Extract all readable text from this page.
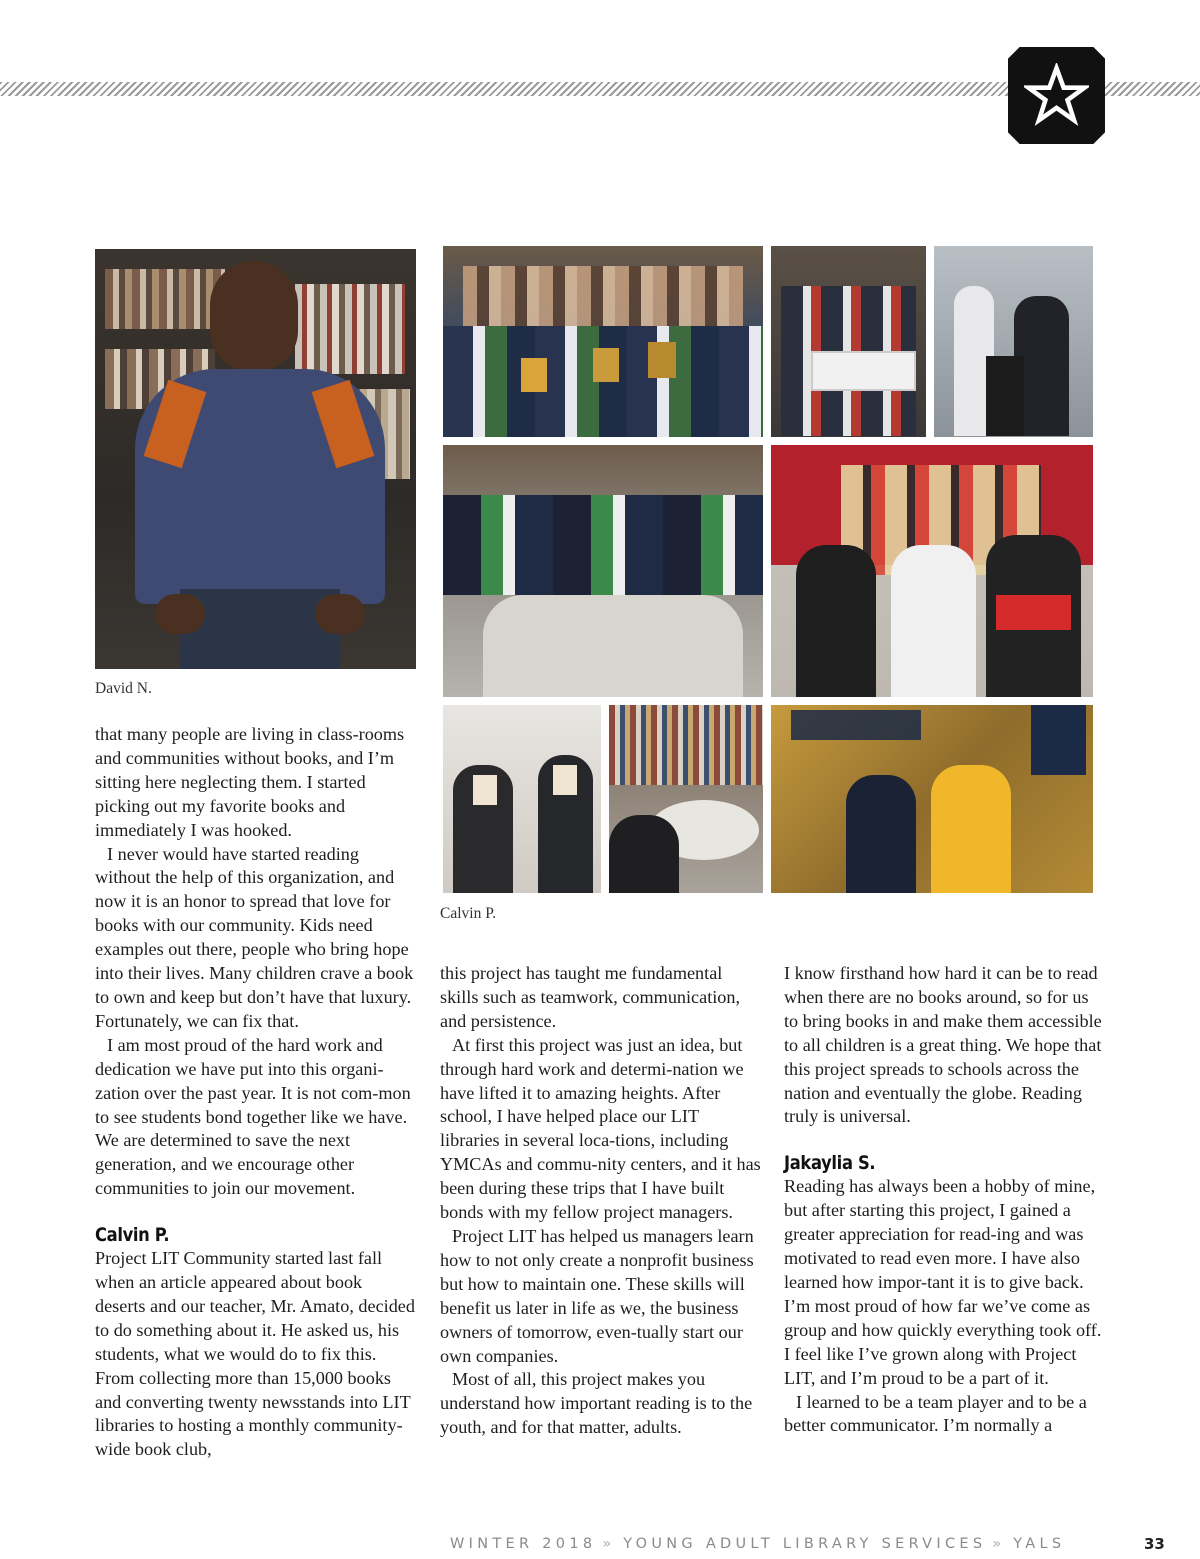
David N.
Calvin P.

that many people are living in class-rooms and communities without books, and I’m sitting here neglecting them. I started picking out my favorite books and immediately I was hooked.

I never would have started reading without the help of this organization, and now it is an honor to spread that love for books with our community. Kids need examples out there, people who bring hope into their lives. Many children crave a book to own and keep but don’t have that luxury. Fortunately, we can fix that.

I am most proud of the hard work and dedication we have put into this organi-zation over the past year. It is not com-mon to see students bond together like we have. We are determined to save the next generation, and we encourage other communities to join our movement.

Calvin P.

Project LIT Community started last fall when an article appeared about book deserts and our teacher, Mr. Amato, decided to do something about it. He asked us, his students, what we would do to fix this. From collecting more than 15,000 books and converting twenty newsstands into LIT libraries to hosting a monthly community-wide book club,

this project has taught me fundamental skills such as teamwork, communication, and persistence.

At first this project was just an idea, but through hard work and determi-nation we have lifted it to amazing heights. After school, I have helped place our LIT libraries in several loca-tions, including YMCAs and commu-nity centers, and it has been during these trips that I have built bonds with my fellow project managers.

Project LIT has helped us managers learn how to not only create a nonprofit business but how to maintain one. These skills will benefit us later in life as we, the business owners of tomorrow, even-tually start our own companies.

Most of all, this project makes you understand how important reading is to the youth, and for that matter, adults.

I know firsthand how hard it can be to read when there are no books around, so for us to bring books in and make them accessible to all children is a great thing. We hope that this project spreads to schools across the nation and eventually the globe. Reading truly is universal.

Jakaylia S.

Reading has always been a hobby of mine, but after starting this project, I gained a greater appreciation for read-ing and was motivated to read even more. I have also learned how impor-tant it is to give back. I’m most proud of how far we’ve come as group and how quickly everything took off. I feel like I’ve grown along with Project LIT, and I’m proud to be a part of it.

I learned to be a team player and to be a better communicator. I’m normally a

WINTER 2018 » YOUNG ADULT LIBRARY SERVICES » YALS	33
